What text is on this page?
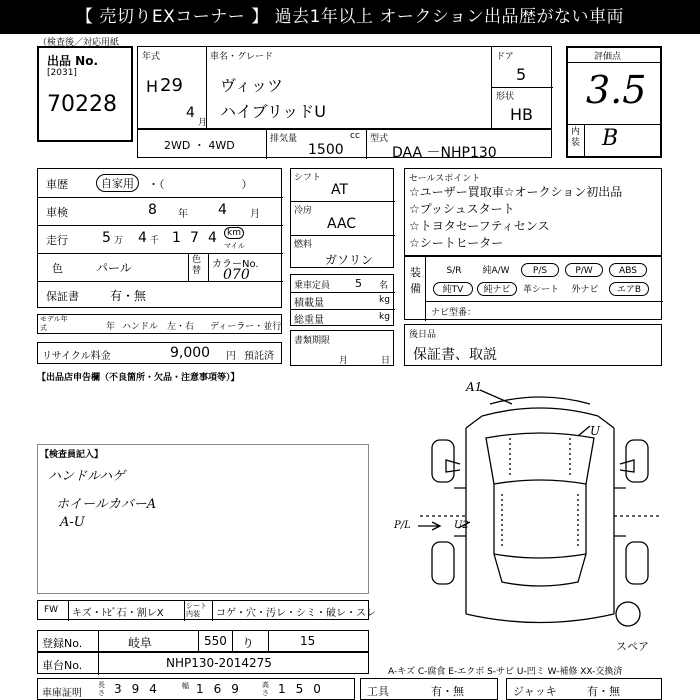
【 売切りEXコーナー 】 過去1年以上 オークション出品歴がない車両
（検査後／対応用紙
出品 No.
[2031]
70228
年式
H 29
4
月
車名・グレード
ヴィッツ
ハイブリッドU
ドア
5
形状
HB
2WD ・ 4WD	排気量	cc
1500
型式
DAA －NHP130
評価点
3.5
内装 B
車歴	自家用	・（　　　　　　　）
車検	8 年 4 月
走行 5 万 4 千 1 7 4	km
マイル
色	パール
色替
カラーNo.
070
保証書	有・無
モデル年式	年 ハンドル　左・右 ディーラー・並行
リサイクル料金	9,000 円 預託済
シフト
AT
冷房
AAC
燃料
ガソリン
乗車定員 5 名
積載量	kg
総重量	kg
書類期限
月	日
セールスポイント
☆ユーザー買取車☆オークション初出品
☆プッシュスタート
☆トヨタセーフティセンス
☆シートヒーター
装備
S/R	純A/W	P/S	P/W	ABS
純TV	純ナビ	革シート	外ナビ	エアB
ナビ型番：
後日品
保証書、取説
【出品店申告欄（不良箇所・欠品・注意事項等）】
【検査員記入】
ハンドルハゲ
ホイールカバーA
A-U
A1
U
P/L	U2
スペア
FW キズ・ﾄﾋﾞ石・割レX
シート内装	コゲ・穴・汚レ・シミ・破レ・スレ
登録No.	岐阜	550 り	15
車台No.	NHP130-2014275
A-キズ C-腐食 E-エクボ S-サビ U-凹ミ W-補修 XX-交換済
車庫証明
長さ 394 幅 169 高さ 150	工具	有・無	ジャッキ	有・無
